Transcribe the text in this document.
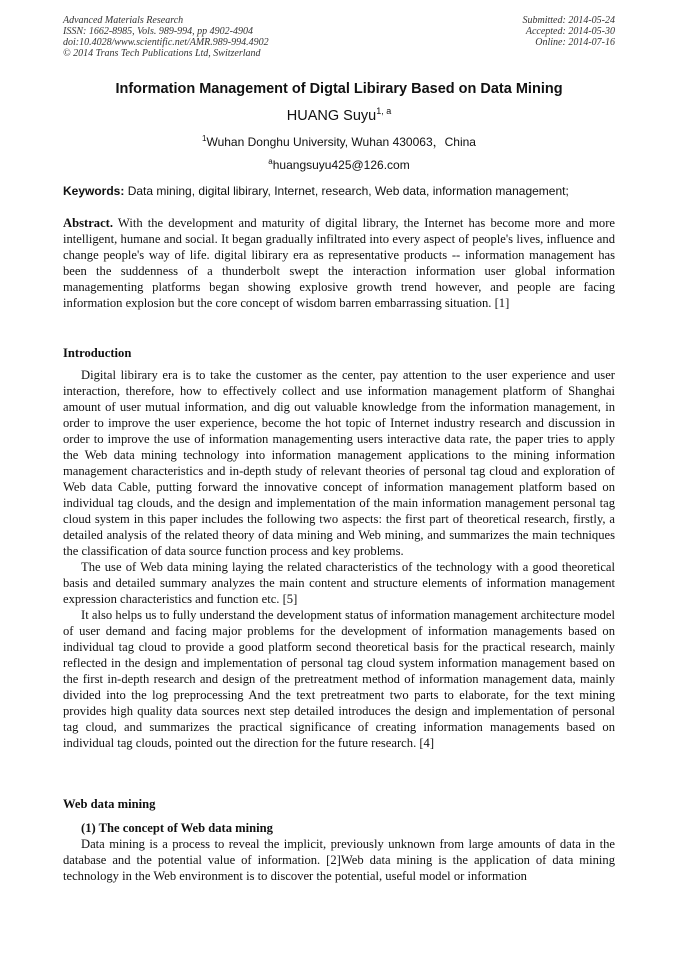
Advanced Materials Research
ISSN: 1662-8985, Vols. 989-994, pp 4902-4904
doi:10.4028/www.scientific.net/AMR.989-994.4902
© 2014 Trans Tech Publications Ltd, Switzerland
Submitted: 2014-05-24
Accepted: 2014-05-30
Online: 2014-07-16
Information Management of Digtal Libirary Based on Data Mining
HUANG Suyu$^{1, a}$
$^1$Wuhan Donghu University, Wuhan 430063，China
$^a$huangsuyu425@126.com
Keywords: Data mining, digital libirary, Internet, research, Web data, information management;
Abstract. With the development and maturity of digital library, the Internet has become more and more intelligent, humane and social. It began gradually infiltrated into every aspect of people's lives, influence and change people's way of life. digital libirary era as representative products -- information management has been the suddenness of a thunderbolt swept the interaction information user global information managementing platforms began showing explosive growth trend however, and people are facing information explosion but the core concept of wisdom barren embarrassing situation. [1]
Introduction

Digital libirary era is to take the customer as the center, pay attention to the user experience and user interaction, therefore, how to effectively collect and use information management platform of Shanghai amount of user mutual information, and dig out valuable knowledge from the information management, in order to improve the user experience, become the hot topic of Internet industry research and discussion in order to improve the use of information managementing users interactive data rate, the paper tries to apply the Web data mining technology into information management applications to the mining information management characteristics and in-depth study of relevant theories of personal tag cloud and exploration of Web data Cable, putting forward the innovative concept of information management platform based on individual tag clouds, and the design and implementation of the main information management personal tag cloud system in this paper includes the following two aspects: the first part of theoretical research, firstly, a detailed analysis of the related theory of data mining and Web mining, and summarizes the main techniques the classification of data source function process and key problems.

The use of Web data mining laying the related characteristics of the technology with a good theoretical basis and detailed summary analyzes the main content and structure elements of information management expression characteristics and function etc. [5]

It also helps us to fully understand the development status of information management architecture model of user demand and facing major problems for the development of information managements based on individual tag cloud to provide a good platform second theoretical basis for the practical research, mainly reflected in the design and implementation of personal tag cloud system information management based on the first in-depth research and design of the pretreatment method of information management data, mainly divided into the log preprocessing And the text pretreatment two parts to elaborate, for the text mining provides high quality data sources next step detailed introduces the design and implementation of personal tag cloud, and summarizes the practical significance of creating information managements based on individual tag clouds, pointed out the direction for the future research. [4]

Web data mining
(1) The concept of Web data mining

Data mining is a process to reveal the implicit, previously unknown from large amounts of data in the database and the potential value of information. [2]Web data mining is the application of data mining technology in the Web environment is to discover the potential, useful model or information
